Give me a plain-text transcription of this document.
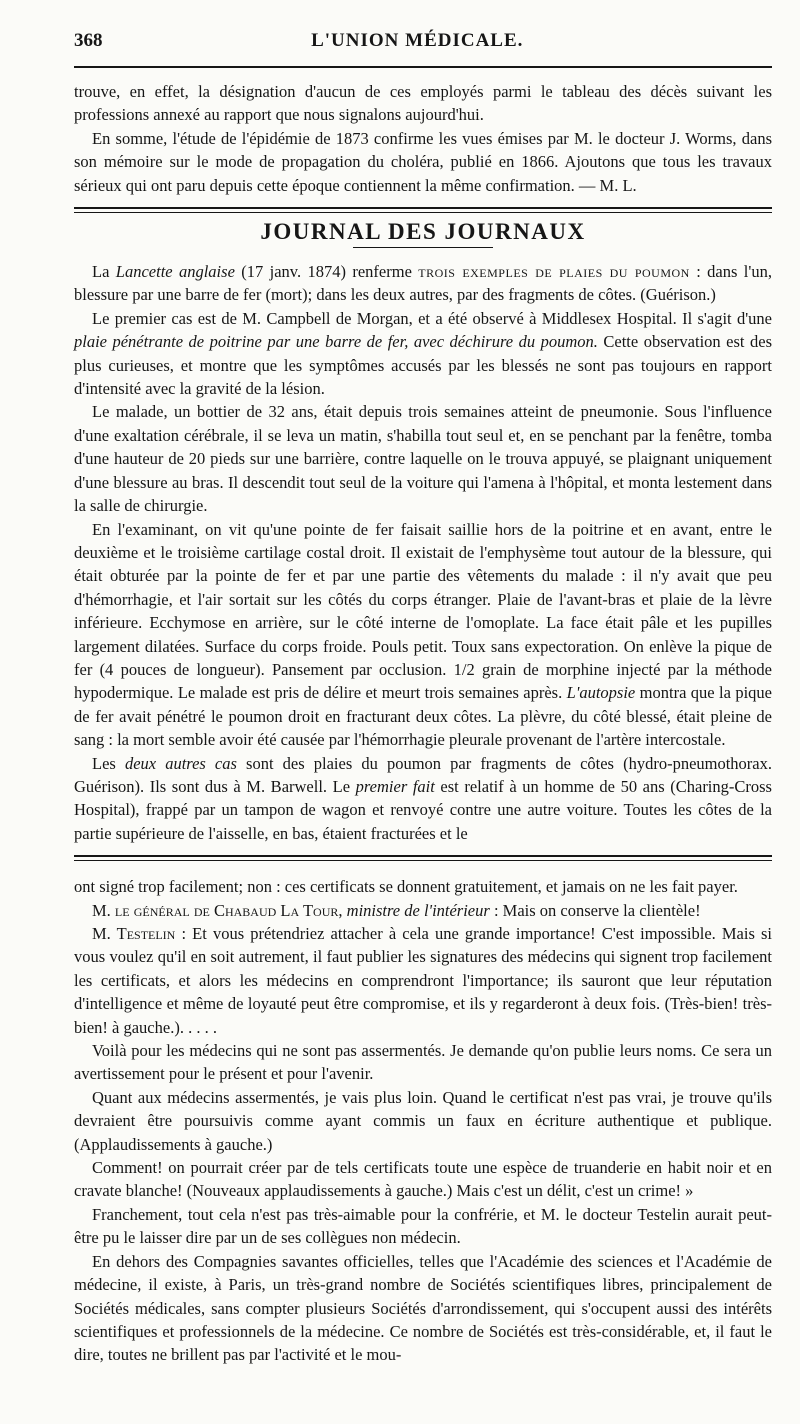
368	L'UNION MÉDICALE.

trouve, en effet, la désignation d'aucun de ces employés parmi le tableau des décès suivant les professions annexé au rapport que nous signalons aujourd'hui.

En somme, l'étude de l'épidémie de 1873 confirme les vues émises par M. le docteur J. Worms, dans son mémoire sur le mode de propagation du choléra, publié en 1866. Ajoutons que tous les travaux sérieux qui ont paru depuis cette époque contiennent la même confirmation. — M. L.

JOURNAL DES JOURNAUX

La Lancette anglaise (17 janv. 1874) renferme trois exemples de plaies du poumon : dans l'un, blessure par une barre de fer (mort); dans les deux autres, par des fragments de côtes. (Guérison.)

Le premier cas est de M. Campbell de Morgan, et a été observé à Middlesex Hospital. Il s'agit d'une plaie pénétrante de poitrine par une barre de fer, avec déchirure du poumon. Cette observation est des plus curieuses, et montre que les symptômes accusés par les blessés ne sont pas toujours en rapport d'intensité avec la gravité de la lésion.

Le malade, un bottier de 32 ans, était depuis trois semaines atteint de pneumonie. Sous l'influence d'une exaltation cérébrale, il se leva un matin, s'habilla tout seul et, en se penchant par la fenêtre, tomba d'une hauteur de 20 pieds sur une barrière, contre laquelle on le trouva appuyé, se plaignant uniquement d'une blessure au bras. Il descendit tout seul de la voiture qui l'amena à l'hôpital, et monta lestement dans la salle de chirurgie.

En l'examinant, on vit qu'une pointe de fer faisait saillie hors de la poitrine et en avant, entre le deuxième et le troisième cartilage costal droit. Il existait de l'emphysème tout autour de la blessure, qui était obturée par la pointe de fer et par une partie des vêtements du malade : il n'y avait que peu d'hémorrhagie, et l'air sortait sur les côtés du corps étranger. Plaie de l'avant-bras et plaie de la lèvre inférieure. Ecchymose en arrière, sur le côté interne de l'omoplate. La face était pâle et les pupilles largement dilatées. Surface du corps froide. Pouls petit. Toux sans expectoration. On enlève la pique de fer (4 pouces de longueur). Pansement par occlusion. 1/2 grain de morphine injecté par la méthode hypodermique. Le malade est pris de délire et meurt trois semaines après. L'autopsie montra que la pique de fer avait pénétré le poumon droit en fracturant deux côtes. La plèvre, du côté blessé, était pleine de sang : la mort semble avoir été causée par l'hémorrhagie pleurale provenant de l'artère intercostale.

Les deux autres cas sont des plaies du poumon par fragments de côtes (hydro-pneumothorax. Guérison). Ils sont dus à M. Barwell. Le premier fait est relatif à un homme de 50 ans (Charing-Cross Hospital), frappé par un tampon de wagon et renvoyé contre une autre voiture. Toutes les côtes de la partie supérieure de l'aisselle, en bas, étaient fracturées et le

ont signé trop facilement; non : ces certificats se donnent gratuitement, et jamais on ne les fait payer.

M. le général de Chabaud La Tour, ministre de l'intérieur : Mais on conserve la clientèle!

M. Testelin : Et vous prétendriez attacher à cela une grande importance! C'est impossible. Mais si vous voulez qu'il en soit autrement, il faut publier les signatures des médecins qui signent trop facilement les certificats, et alors les médecins en comprendront l'importance; ils sauront que leur réputation d'intelligence et même de loyauté peut être compromise, et ils y regarderont à deux fois. (Très-bien! très-bien! à gauche.). . . . .

Voilà pour les médecins qui ne sont pas assermentés. Je demande qu'on publie leurs noms. Ce sera un avertissement pour le présent et pour l'avenir.

Quant aux médecins assermentés, je vais plus loin. Quand le certificat n'est pas vrai, je trouve qu'ils devraient être poursuivis comme ayant commis un faux en écriture authentique et publique. (Applaudissements à gauche.)

Comment! on pourrait créer par de tels certificats toute une espèce de truanderie en habit noir et en cravate blanche! (Nouveaux applaudissements à gauche.) Mais c'est un délit, c'est un crime! »

Franchement, tout cela n'est pas très-aimable pour la confrérie, et M. le docteur Testelin aurait peut-être pu le laisser dire par un de ses collègues non médecin.

En dehors des Compagnies savantes officielles, telles que l'Académie des sciences et l'Académie de médecine, il existe, à Paris, un très-grand nombre de Sociétés scientifiques libres, principalement de Sociétés médicales, sans compter plusieurs Sociétés d'arrondissement, qui s'occupent aussi des intérêts scientifiques et professionnels de la médecine. Ce nombre de Sociétés est très-considérable, et, il faut le dire, toutes ne brillent pas par l'activité et le mou-
